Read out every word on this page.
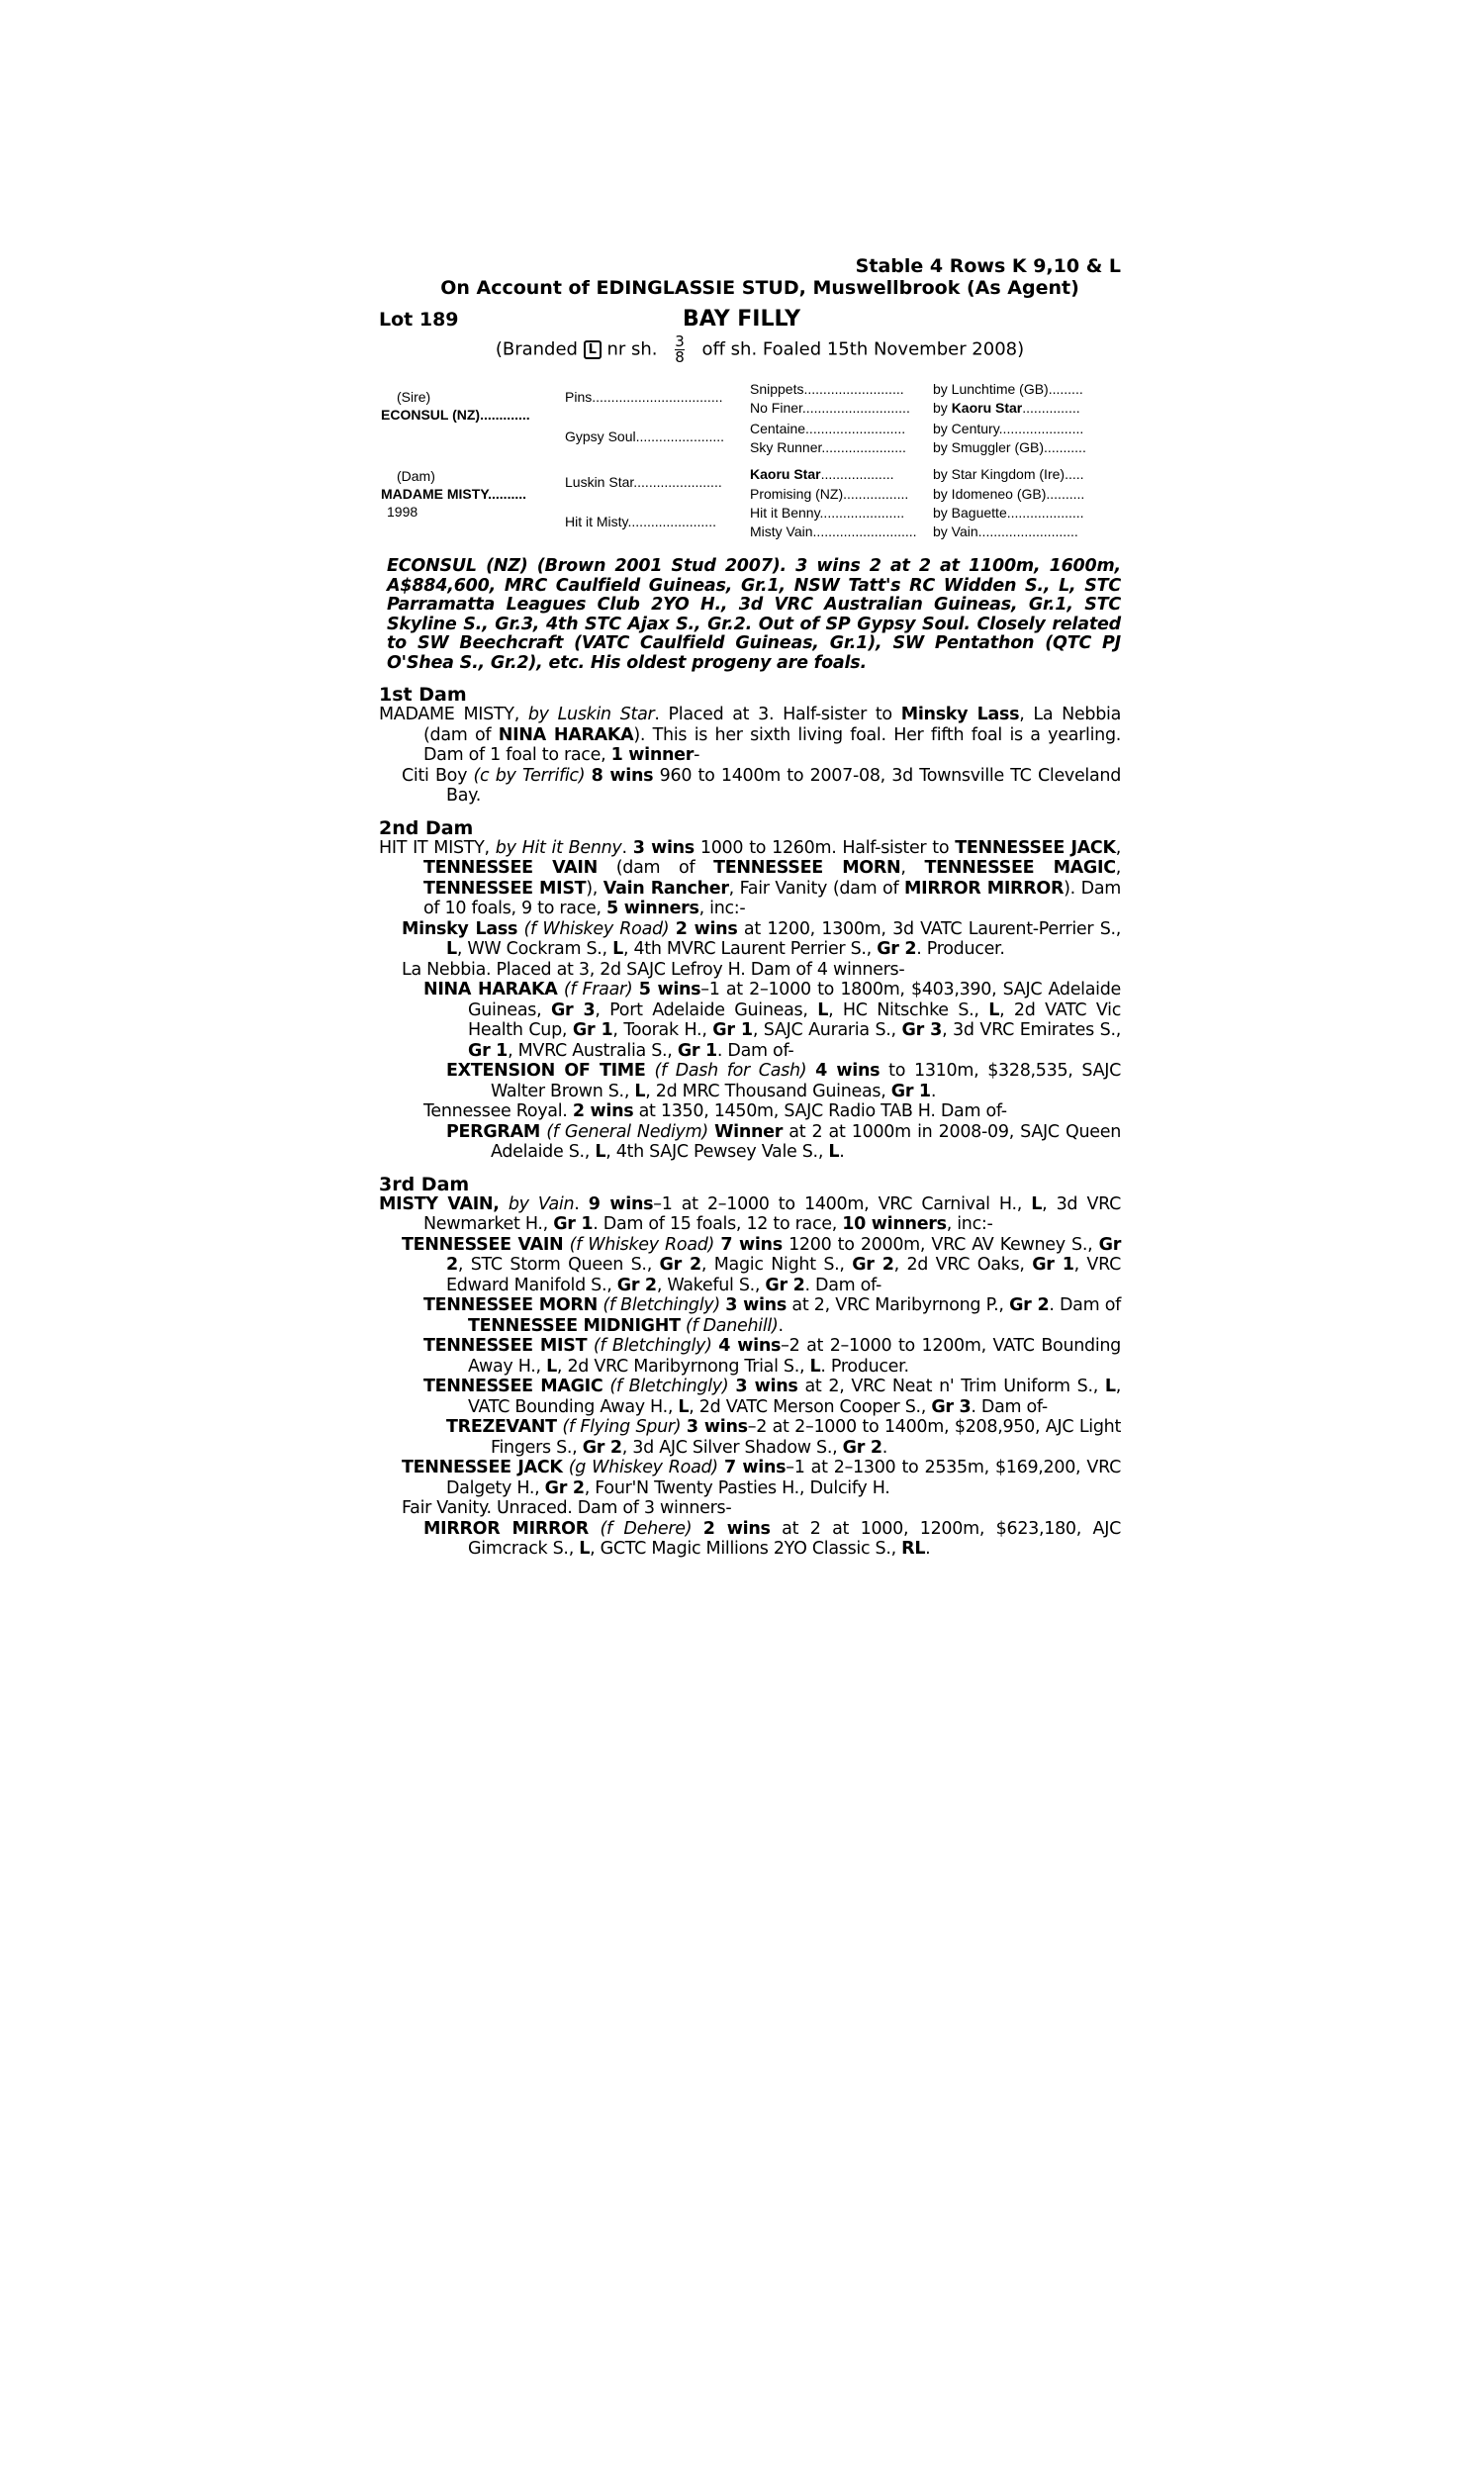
Stable 4 Rows K 9,10 & L
On Account of EDINGLASSIE STUD, Muswellbrook (As Agent)
Lot 189	BAY FILLY
(Branded L nr sh. $\frac{3}{8}$ off sh. Foaled 15th November 2008)
(Sire)
ECONSUL (NZ).............
(Dam)
MADAME MISTY..........
1998
Pins..................................
Gypsy Soul.......................
Luskin Star.......................
Hit it Misty.......................
Snippets..........................
No Finer............................
Centaine..........................
Sky Runner......................
Kaoru Star...................
Promising (NZ).................
Hit it Benny......................
Misty Vain...........................
by Lunchtime (GB).........
by Kaoru Star...............
by Century......................
by Smuggler (GB)...........
by Star Kingdom (Ire).....
by Idomeneo (GB)..........
by Baguette....................
by Vain..........................
ECONSUL (NZ) (Brown 2001 Stud 2007). 3 wins 2 at 2 at 1100m, 1600m, A$884,600, MRC Caulfield Guineas, Gr.1, NSW Tatt's RC Widden S., L, STC Parramatta Leagues Club 2YO H., 3d VRC Australian Guineas, Gr.1, STC Skyline S., Gr.3, 4th STC Ajax S., Gr.2. Out of SP Gypsy Soul. Closely related to SW Beechcraft (VATC Caulfield Guineas, Gr.1), SW Pentathon (QTC PJ O'Shea S., Gr.2), etc. His oldest progeny are foals.
1st Dam
MADAME MISTY, by Luskin Star. Placed at 3. Half-sister to Minsky Lass, La Nebbia (dam of NINA HARAKA). This is her sixth living foal. Her fifth foal is a yearling. Dam of 1 foal to race, 1 winner-
Citi Boy (c by Terrific) 8 wins 960 to 1400m to 2007-08, 3d Townsville TC Cleveland Bay.
2nd Dam
HIT IT MISTY, by Hit it Benny. 3 wins 1000 to 1260m. Half-sister to TENNESSEE JACK, TENNESSEE VAIN (dam of TENNESSEE MORN, TENNESSEE MAGIC, TENNESSEE MIST), Vain Rancher, Fair Vanity (dam of MIRROR MIRROR). Dam of 10 foals, 9 to race, 5 winners, inc:-
Minsky Lass (f Whiskey Road) 2 wins at 1200, 1300m, 3d VATC Laurent-Perrier S., L, WW Cockram S., L, 4th MVRC Laurent Perrier S., Gr 2. Producer.
La Nebbia. Placed at 3, 2d SAJC Lefroy H. Dam of 4 winners-
NINA HARAKA (f Fraar) 5 wins–1 at 2–1000 to 1800m, $403,390, SAJC Adelaide Guineas, Gr 3, Port Adelaide Guineas, L, HC Nitschke S., L, 2d VATC Vic Health Cup, Gr 1, Toorak H., Gr 1, SAJC Auraria S., Gr 3, 3d VRC Emirates S., Gr 1, MVRC Australia S., Gr 1. Dam of-
EXTENSION OF TIME (f Dash for Cash) 4 wins to 1310m, $328,535, SAJC Walter Brown S., L, 2d MRC Thousand Guineas, Gr 1.
Tennessee Royal. 2 wins at 1350, 1450m, SAJC Radio TAB H. Dam of-
PERGRAM (f General Nediym) Winner at 2 at 1000m in 2008-09, SAJC Queen Adelaide S., L, 4th SAJC Pewsey Vale S., L.
3rd Dam
MISTY VAIN, by Vain. 9 wins–1 at 2–1000 to 1400m, VRC Carnival H., L, 3d VRC Newmarket H., Gr 1. Dam of 15 foals, 12 to race, 10 winners, inc:-
TENNESSEE VAIN (f Whiskey Road) 7 wins 1200 to 2000m, VRC AV Kewney S., Gr 2, STC Storm Queen S., Gr 2, Magic Night S., Gr 2, 2d VRC Oaks, Gr 1, VRC Edward Manifold S., Gr 2, Wakeful S., Gr 2. Dam of-
TENNESSEE MORN (f Bletchingly) 3 wins at 2, VRC Maribyrnong P., Gr 2. Dam of TENNESSEE MIDNIGHT (f Danehill).
TENNESSEE MIST (f Bletchingly) 4 wins–2 at 2–1000 to 1200m, VATC Bounding Away H., L, 2d VRC Maribyrnong Trial S., L. Producer.
TENNESSEE MAGIC (f Bletchingly) 3 wins at 2, VRC Neat n' Trim Uniform S., L, VATC Bounding Away H., L, 2d VATC Merson Cooper S., Gr 3. Dam of-
TREZEVANT (f Flying Spur) 3 wins–2 at 2–1000 to 1400m, $208,950, AJC Light Fingers S., Gr 2, 3d AJC Silver Shadow S., Gr 2.
TENNESSEE JACK (g Whiskey Road) 7 wins–1 at 2–1300 to 2535m, $169,200, VRC Dalgety H., Gr 2, Four'N Twenty Pasties H., Dulcify H.
Fair Vanity. Unraced. Dam of 3 winners-
MIRROR MIRROR (f Dehere) 2 wins at 2 at 1000, 1200m, $623,180, AJC Gimcrack S., L, GCTC Magic Millions 2YO Classic S., RL.
